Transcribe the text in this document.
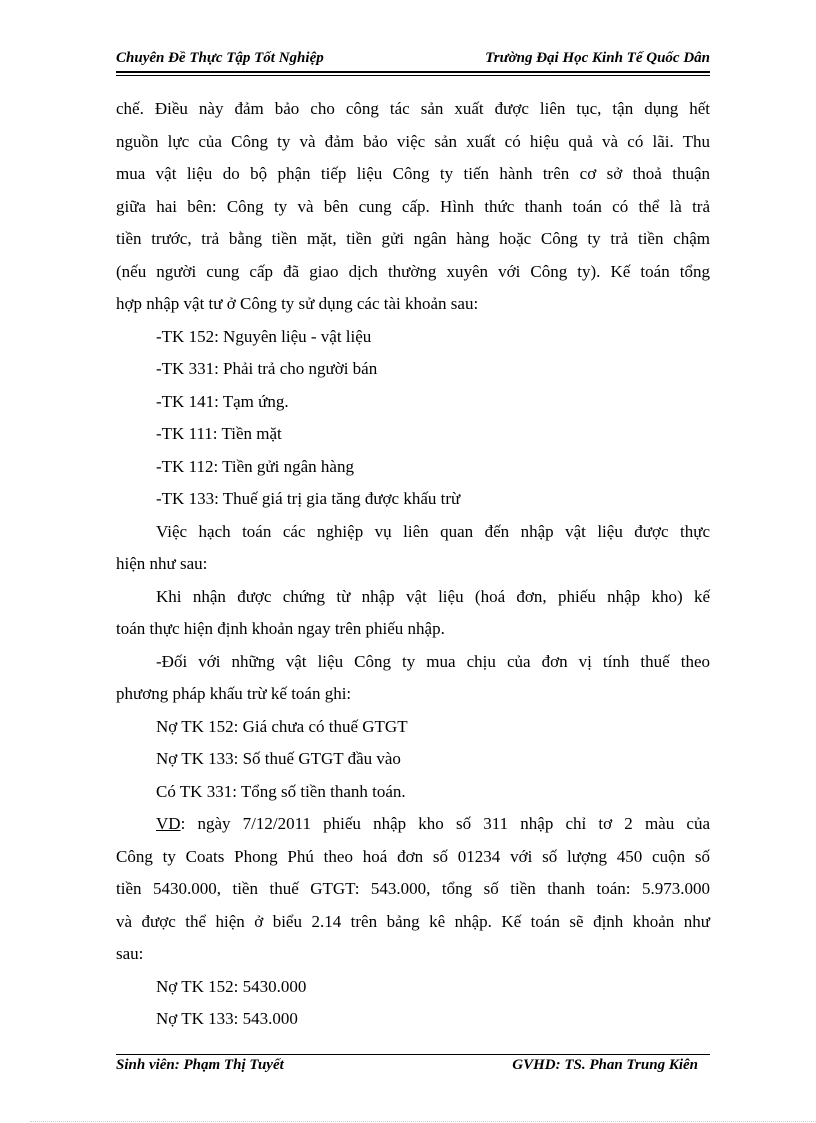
Chuyên Đề Thực Tập Tốt Nghiệp	Trường Đại Học Kinh Tế Quốc Dân

chế. Điều này đảm bảo cho công tác sản xuất được liên tục, tận dụng hết

nguồn lực của Công ty và đảm bảo việc sản xuất có hiệu quả và có lãi. Thu

mua vật liệu do bộ phận tiếp liệu Công ty tiến hành trên cơ sở thoả thuận

giữa hai bên: Công ty và bên cung cấp. Hình thức thanh toán có thể là trả

tiền trước, trả bằng tiền mặt, tiền gửi ngân hàng hoặc Công ty trả tiền chậm

(nếu người cung cấp đã giao dịch thường xuyên với Công ty). Kế toán tổng

hợp nhập vật tư ở Công ty sử dụng các tài khoản sau:

-TK 152: Nguyên liệu - vật liệu

-TK 331: Phải trả cho người bán

-TK 141: Tạm ứng.

-TK 111: Tiền mặt

-TK 112: Tiền gửi ngân hàng

-TK 133: Thuế giá trị gia tăng được khấu trừ

Việc hạch toán các nghiệp vụ liên quan đến nhập vật liệu được thực

hiện như sau:

Khi nhận được chứng từ nhập vật liệu (hoá đơn, phiếu nhập kho) kế

toán thực hiện định khoản ngay trên phiếu nhập.

-Đối với những vật liệu Công ty mua chịu của đơn vị tính thuế theo

phương pháp khấu trừ kế toán ghi:

Nợ TK 152: Giá chưa có thuế GTGT

Nợ TK 133: Số thuế GTGT đầu vào

Có TK 331: Tổng số tiền thanh toán.

VD: ngày 7/12/2011 phiếu nhập kho số 311 nhập chỉ tơ 2 màu của

Công ty Coats Phong Phú theo hoá đơn số 01234 với số lượng 450 cuộn số

tiền 5430.000, tiền thuế GTGT: 543.000, tổng số tiền thanh toán: 5.973.000

và được thể hiện ở biểu 2.14 trên bảng kê nhập. Kế toán sẽ định khoản như

sau:

Nợ TK 152: 5430.000

Nợ TK 133: 543.000

Sinh viên: Phạm Thị Tuyết	GVHD: TS. Phan Trung Kiên
